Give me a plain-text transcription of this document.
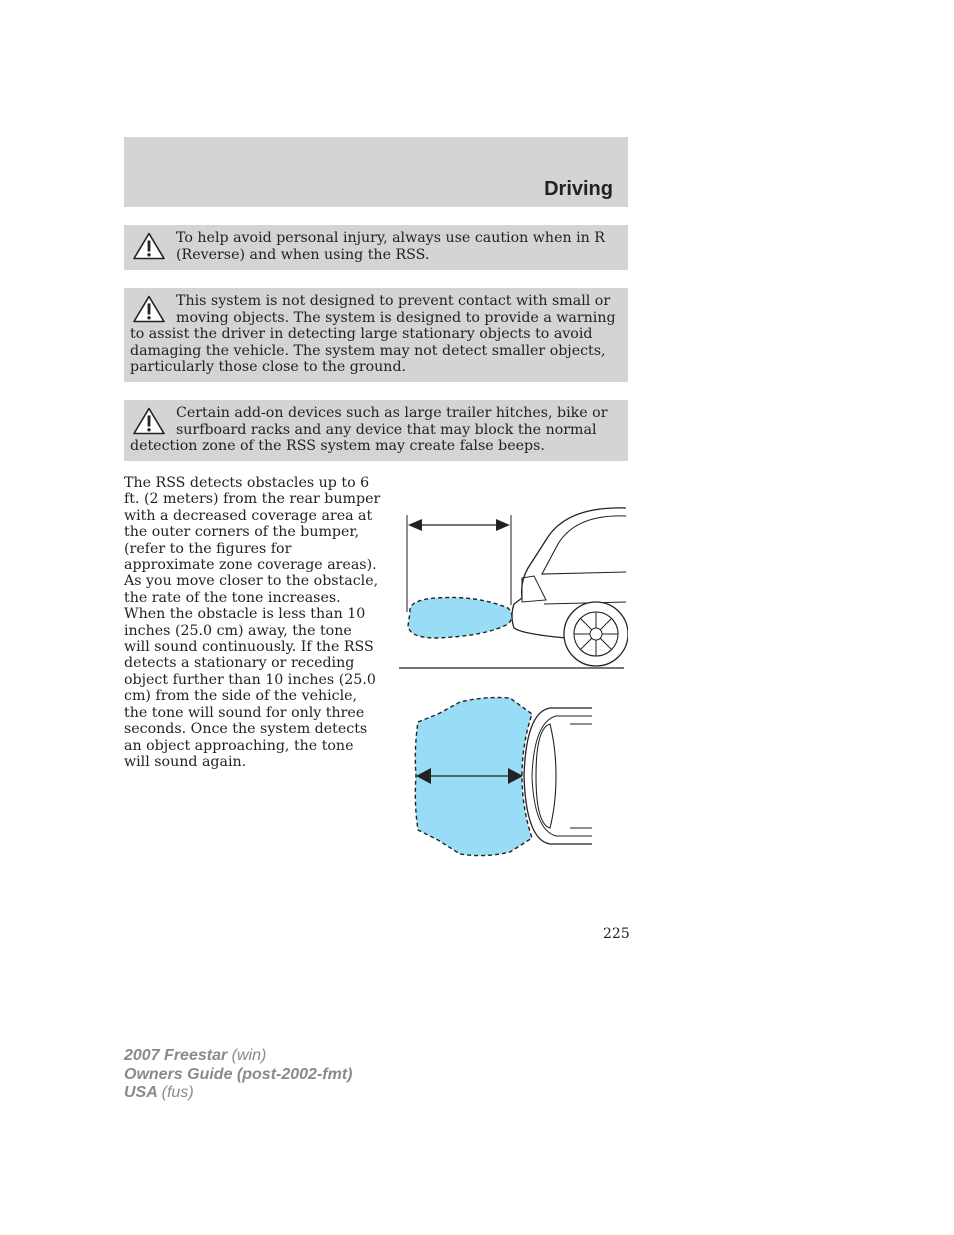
Driving
To help avoid personal injury, always use caution when in R (Reverse) and when using the RSS.
This system is not designed to prevent contact with small or moving objects. The system is designed to provide a warning to assist the driver in detecting large stationary objects to avoid damaging the vehicle. The system may not detect smaller objects, particularly those close to the ground.
Certain add-on devices such as large trailer hitches, bike or surfboard racks and any device that may block the normal detection zone of the RSS system may create false beeps.
The RSS detects obstacles up to 6 ft. (2 meters) from the rear bumper with a decreased coverage area at the outer corners of the bumper, (refer to the figures for approximate zone coverage areas). As you move closer to the obstacle, the rate of the tone increases. When the obstacle is less than 10 inches (25.0 cm) away, the tone will sound continuously. If the RSS detects a stationary or receding object further than 10 inches (25.0 cm) from the side of the vehicle, the tone will sound for only three seconds. Once the system detects an object approaching, the tone will sound again.
225
2007 Freestar (win)
Owners Guide (post-2002-fmt)
USA (fus)
